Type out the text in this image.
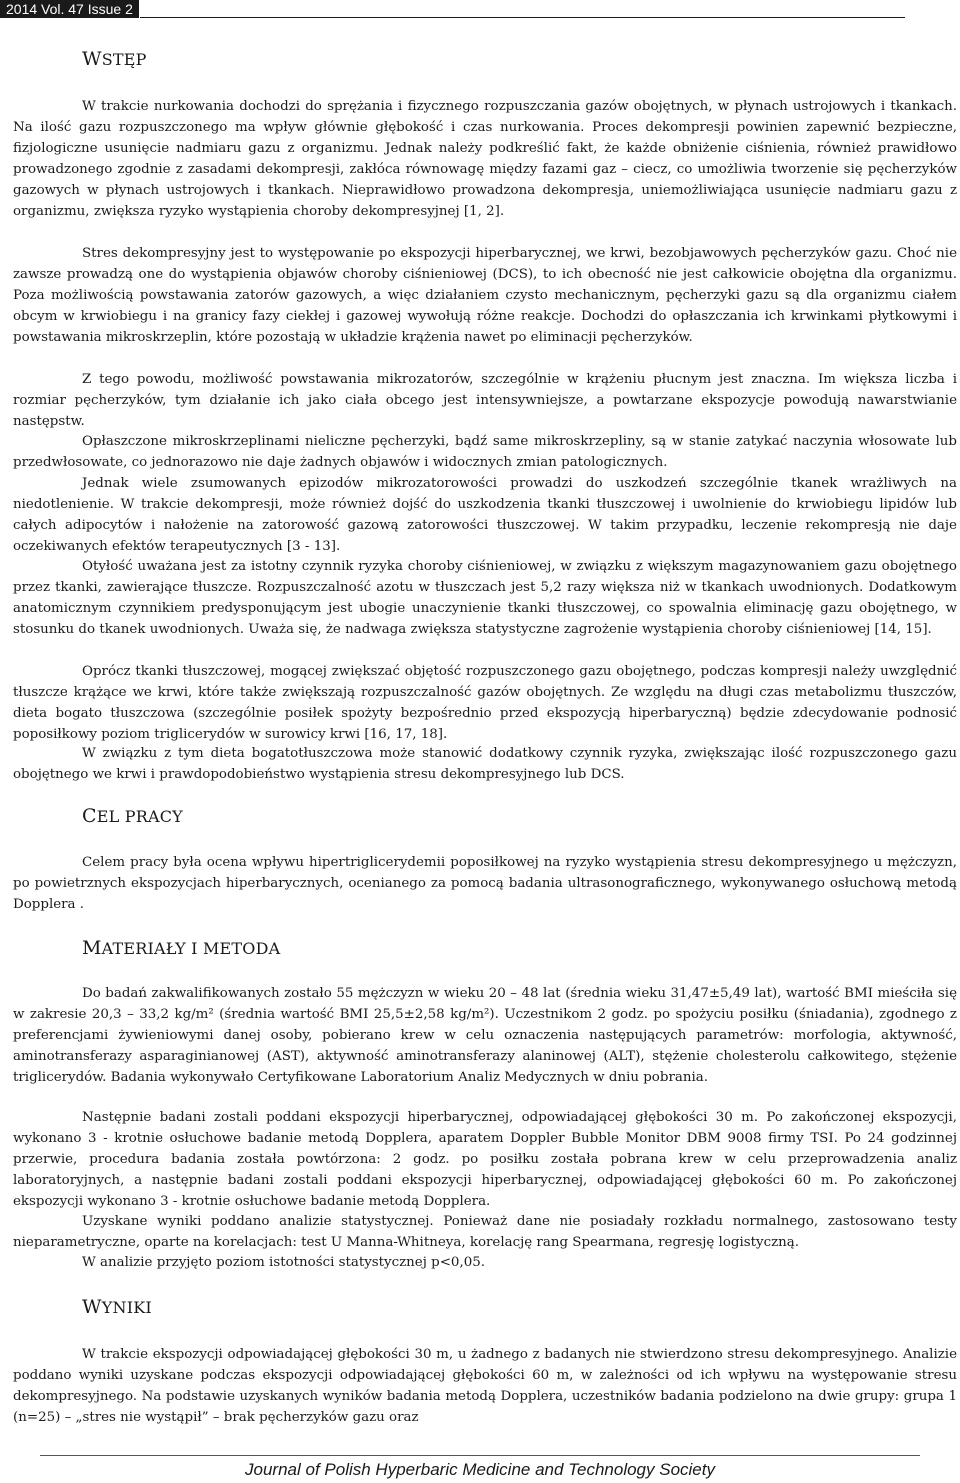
2014 Vol. 47 Issue 2
WSTĘP

W trakcie nurkowania dochodzi do sprężania i fizycznego rozpuszczania gazów obojętnych, w płynach ustrojowych i tkankach. Na ilość gazu rozpuszczonego ma wpływ głównie głębokość i czas nurkowania. Proces dekompresji powinien zapewnić bezpieczne, fizjologiczne usunięcie nadmiaru gazu z organizmu. Jednak należy podkreślić fakt, że każde obniżenie ciśnienia, również prawidłowo prowadzonego zgodnie z zasadami dekompresji, zakłóca równowagę między fazami gaz – ciecz, co umożliwia tworzenie się pęcherzyków gazowych w płynach ustrojowych i tkankach. Nieprawidłowo prowadzona dekompresja, uniemożliwiająca usunięcie nadmiaru gazu z organizmu, zwiększa ryzyko wystąpienia choroby dekompresyjnej [1, 2].

Stres dekompresyjny jest to występowanie po ekspozycji hiperbarycznej, we krwi, bezobjawowych pęcherzyków gazu. Choć nie zawsze prowadzą one do wystąpienia objawów choroby ciśnieniowej (DCS), to ich obecność nie jest całkowicie obojętna dla organizmu. Poza możliwością powstawania zatorów gazowych, a więc działaniem czysto mechanicznym, pęcherzyki gazu są dla organizmu ciałem obcym w krwiobiegu i na granicy fazy ciekłej i gazowej wywołują różne reakcje. Dochodzi do opłaszczania ich krwinkami płytkowymi i powstawania mikroskrzeplin, które pozostają w układzie krążenia nawet po eliminacji pęcherzyków.

Z tego powodu, możliwość powstawania mikrozatorów, szczególnie w krążeniu płucnym jest znaczna. Im większa liczba i rozmiar pęcherzyków, tym działanie ich jako ciała obcego jest intensywniejsze, a powtarzane ekspozycje powodują nawarstwianie następstw.

Opłaszczone mikroskrzeplinami nieliczne pęcherzyki, bądź same mikroskrzepliny, są w stanie zatykać naczynia włosowate lub przedwłosowate, co jednorazowo nie daje żadnych objawów i widocznych zmian patologicznych.

Jednak wiele zsumowanych epizodów mikrozatorowości prowadzi do uszkodzeń szczególnie tkanek wrażliwych na niedotlenienie. W trakcie dekompresji, może również dojść do uszkodzenia tkanki tłuszczowej i uwolnienie do krwiobiegu lipidów lub całych adipocytów i nałożenie na zatorowość gazową zatorowości tłuszczowej. W takim przypadku, leczenie rekompresją nie daje oczekiwanych efektów terapeutycznych [3 - 13].

Otyłość uważana jest za istotny czynnik ryzyka choroby ciśnieniowej, w związku z większym magazynowaniem gazu obojętnego przez tkanki, zawierające tłuszcze. Rozpuszczalność azotu w tłuszczach jest 5,2 razy większa niż w tkankach uwodnionych. Dodatkowym anatomicznym czynnikiem predysponującym jest ubogie unaczynienie tkanki tłuszczowej, co spowalnia eliminację gazu obojętnego, w stosunku do tkanek uwodnionych. Uważa się, że nadwaga zwiększa statystyczne zagrożenie wystąpienia choroby ciśnieniowej [14, 15].

Oprócz tkanki tłuszczowej, mogącej zwiększać objętość rozpuszczonego gazu obojętnego, podczas kompresji należy uwzględnić tłuszcze krążące we krwi, które także zwiększają rozpuszczalność gazów obojętnych. Ze względu na długi czas metabolizmu tłuszczów, dieta bogato tłuszczowa (szczególnie posiłek spożyty bezpośrednio przed ekspozycją hiperbaryczną) będzie zdecydowanie podnosić poposiłkowy poziom triglicerydów w surowicy krwi [16, 17, 18].

W związku z tym dieta bogatotłuszczowa może stanowić dodatkowy czynnik ryzyka, zwiększając ilość rozpuszczonego gazu obojętnego we krwi i prawdopodobieństwo wystąpienia stresu dekompresyjnego lub DCS.

CEL PRACY

Celem pracy była ocena wpływu hipertriglicerydemii poposiłkowej na ryzyko wystąpienia stresu dekompresyjnego u mężczyzn, po powietrznych ekspozycjach hiperbarycznych, ocenianego za pomocą badania ultrasonograficznego, wykonywanego osłuchową metodą Dopplera .

MATERIAŁY I METODA

Do badań zakwalifikowanych zostało 55 mężczyzn w wieku 20 – 48 lat (średnia wieku 31,47±5,49 lat), wartość BMI mieściła się w zakresie 20,3 – 33,2 kg/m² (średnia wartość BMI 25,5±2,58 kg/m²). Uczestnikom 2 godz. po spożyciu posiłku (śniadania), zgodnego z preferencjami żywieniowymi danej osoby, pobierano krew w celu oznaczenia następujących parametrów: morfologia, aktywność, aminotransferazy asparaginianowej (AST), aktywność aminotransferazy alaninowej (ALT), stężenie cholesterolu całkowitego, stężenie triglicerydów. Badania wykonywało Certyfikowane Laboratorium Analiz Medycznych w dniu pobrania.

Następnie badani zostali poddani ekspozycji hiperbarycznej, odpowiadającej głębokości 30 m. Po zakończonej ekspozycji, wykonano 3 - krotnie osłuchowe badanie metodą Dopplera, aparatem Doppler Bubble Monitor DBM 9008 firmy TSI. Po 24 godzinnej przerwie, procedura badania została powtórzona: 2 godz. po posiłku została pobrana krew w celu przeprowadzenia analiz laboratoryjnych, a następnie badani zostali poddani ekspozycji hiperbarycznej, odpowiadającej głębokości 60 m. Po zakończonej ekspozycji wykonano 3 - krotnie osłuchowe badanie metodą Dopplera.

Uzyskane wyniki poddano analizie statystycznej. Ponieważ dane nie posiadały rozkładu normalnego, zastosowano testy nieparametryczne, oparte na korelacjach: test U Manna-Whitneya, korelację rang Spearmana, regresję logistyczną.

W analizie przyjęto poziom istotności statystycznej p<0,05.

WYNIKI

W trakcie ekspozycji odpowiadającej głębokości 30 m, u żadnego z badanych nie stwierdzono stresu dekompresyjnego. Analizie poddano wyniki uzyskane podczas ekspozycji odpowiadającej głębokości 60 m, w zależności od ich wpływu na występowanie stresu dekompresyjnego. Na podstawie uzyskanych wyników badania metodą Dopplera, uczestników badania podzielono na dwie grupy: grupa 1 (n=25) – „stres nie wystąpił” – brak pęcherzyków gazu oraz

Journal of Polish Hyperbaric Medicine and Technology Society
